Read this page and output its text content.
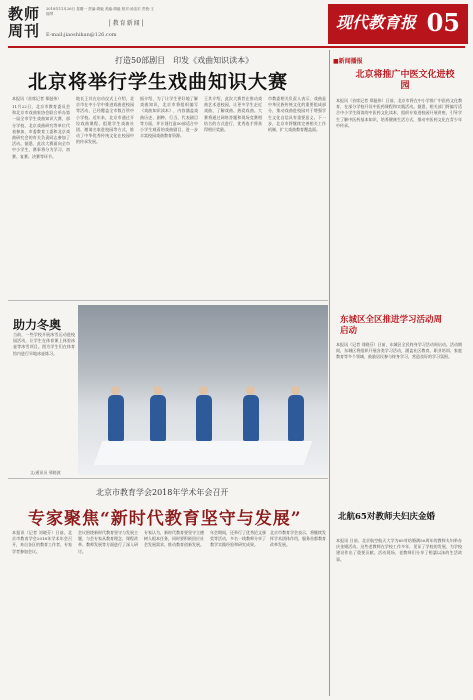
教师
周刊
2018年11月26日 星期一 责编:胡毅 美编:胡毅 校对:汤洁宏 责校:王瑞琴
│教育新闻│
E-mail:jiaoshikan@126.com
现代教育报 05
打造50部剧目　印发《戏曲知识读本》
北京将举行学生戏曲知识大赛
本报讯（首席记者 郑挺伟）
11月22日，北京市教育委员会和北京市戏曲家协会联合举办第一届全市学生戏曲知识大赛，部分学校、北京戏曲研究等单位代表参加，市委教育工委和北京戏曲研究会的有关负责同志参加了活动。据悉，此次大赛面向全市中小学生，赛事将分为学习、初赛、复赛、决赛等环节。
地长王其在启动仪式上介绍，北京市在中小学中推进戏曲进校园等活动，已经覆盖全市数百所中小学校。近年来，北京市通过开设戏曲课程、组建学生戏曲社团、邀请名家进校园等方式，推动了中华优秀传统文化在校园中的传承发展。
据介绍，为了让学生更好地了解戏曲知识，北京市将组织编写《戏曲知识读本》，内容涵盖戏曲历史、剧种、行当、代表剧目等方面，并计划打造50部适合中小学生观看的戏曲剧目，进一步丰富校园戏曲教育资源。
王其介绍，此次大赛旨在推动戏曲艺术进校园，让更多学生走近戏曲、了解戏曲、热爱戏曲。大赛将通过网络答题和现场竞赛相结合的方式进行，优秀选手将获得相应奖励。
市教委相关负责人表示，戏曲是中华民族传统文化的重要组成部分，推动戏曲进校园对于增强学生文化自信具有重要意义。下一步，北京市将继续完善相关工作机制，扩大戏曲教育覆盖面。
■新闻播报
北京将推广中医文化进校园
本报讯（首席记者 郑挺伟）日前，北京市将在中小学推广中医药文化教育，在部分学校开设中医药课程和实践活动。据悉，相关部门将编写适合中小学生阅读的中医药文化读本，组织专家进校园开展讲座，引导学生了解中医药基本知识，培养健康生活方式，推动中医药文化在青少年中传承。
东城区全区推进学习活动周启动
本报讯（记者 刘晓芬）日前，东城区全民终身学习活动周启动。活动期间，东城区将组织开展各类学习活动，涵盖社区教育、职业培训、家庭教育等多个领域，鼓励居民参与终身学习，营造良好的学习氛围。
北航65对教师夫妇庆金婚
本报讯 日前，北京航空航天大学为65对结婚满50周年的教师夫妇举办庆金婚活动。这些老教师在学校工作多年，见证了学校的发展，为学校建设作出了重要贡献。活动现场，老教师们分享了相濡以沫的生活故事。
助力冬奥
当前，一些学校开展冰雪运动进校园活动，让学生在体育课上体验冰壶等冰雪项目。图为学生们在体育馆内进行旱地冰壶练习。
文/通讯员 邢晓波
北京市教育学会2018年学术年会召开
专家聚焦“新时代教育坚守与发展”
本报讯（记者 刘晓芬）日前，北京市教育学会2018年学术年会召开，来自各区的教育工作者、专家学者参加会议。
会议围绕新时代教育坚守与发展主题，与会专家从教育理念、课程改革、教师发展等方面进行了深入研讨。
专家认为，新时代教育要坚守立德树人根本任务，同时要积极回应社会发展需求，推动教育创新发展。
年会期间，还举行了优秀论文颁奖等活动，多名一线教师分享了教学实践经验和研究成果。
北京市教育学会表示，将继续发挥学术团体作用，服务首都教育改革发展。
